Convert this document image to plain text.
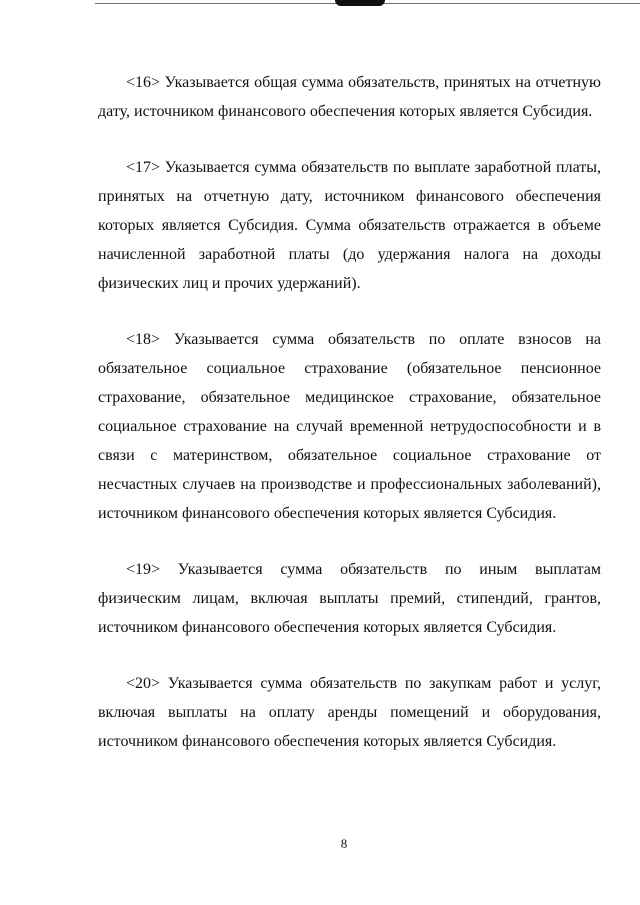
<16> Указывается общая сумма обязательств, принятых на отчетную дату, источником финансового обеспечения которых является Субсидия.

<17> Указывается сумма обязательств по выплате заработной платы, принятых на отчетную дату, источником финансового обеспечения которых является Субсидия. Сумма обязательств отражается в объеме начисленной заработной платы (до удержания налога на доходы физических лиц и прочих удержаний).

<18> Указывается сумма обязательств по оплате взносов на обязательное социальное страхование (обязательное пенсионное страхование, обязательное медицинское страхование, обязательное социальное страхование на случай временной нетрудоспособности и в связи с материнством, обязательное социальное страхование от несчастных случаев на производстве и профессиональных заболеваний), источником финансового обеспечения которых является Субсидия.

<19> Указывается сумма обязательств по иным выплатам физическим лицам, включая выплаты премий, стипендий, грантов, источником финансового обеспечения которых является Субсидия.

<20> Указывается сумма обязательств по закупкам работ и услуг, включая выплаты на оплату аренды помещений и оборудования, источником финансового обеспечения которых является Субсидия.

8
